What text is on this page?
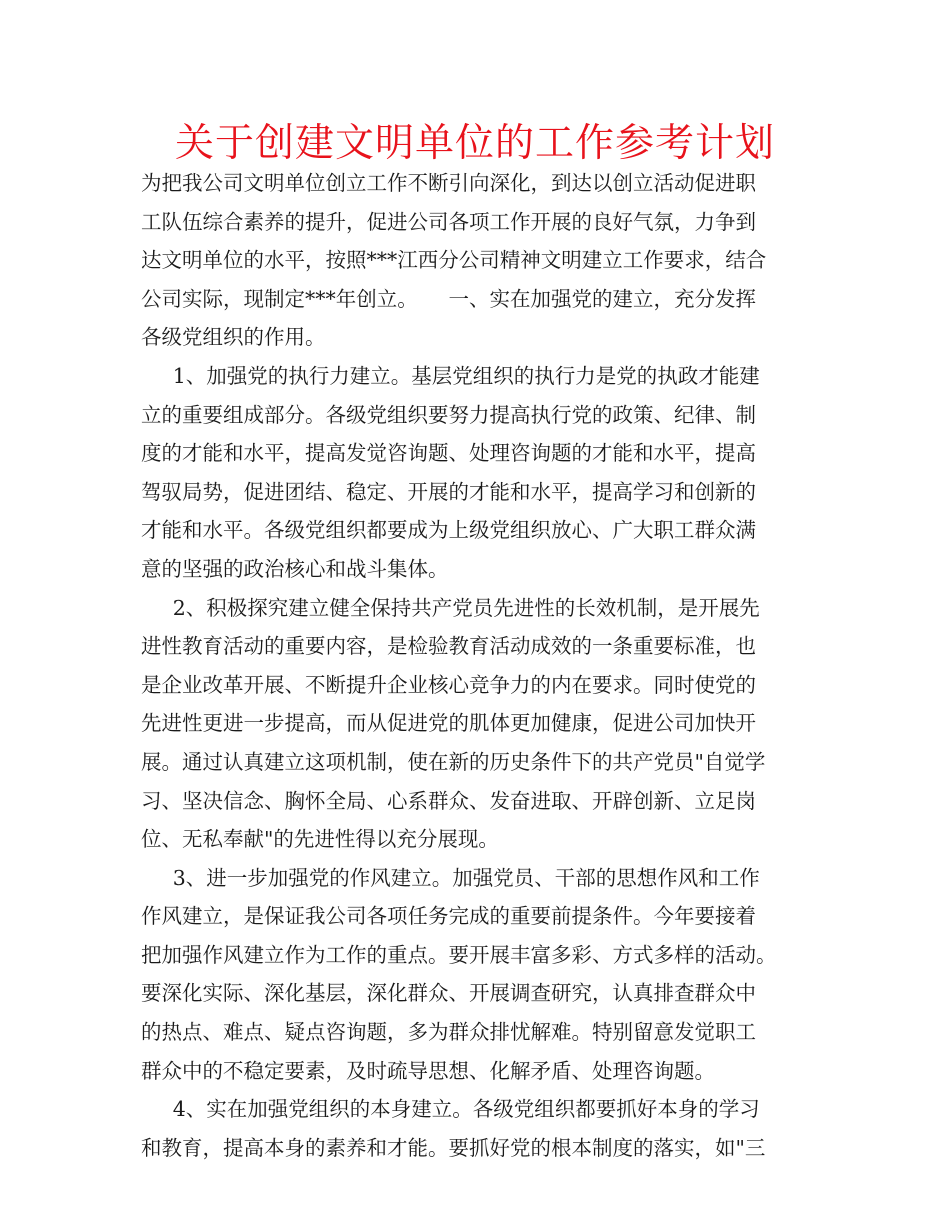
关于创建文明单位的工作参考计划
为把我公司文明单位创立工作不断引向深化，到达以创立活动促进职
工队伍综合素养的提升，促进公司各项工作开展的良好气氛，力争到
达文明单位的水平，按照***江西分公司精神文明建立工作要求，结合
公司实际，现制定***年创立。　　一、实在加强党的建立，充分发挥
各级党组织的作用。
1、加强党的执行力建立。基层党组织的执行力是党的执政才能建
立的重要组成部分。各级党组织要努力提高执行党的政策、纪律、制
度的才能和水平，提高发觉咨询题、处理咨询题的才能和水平，提高
驾驭局势，促进团结、稳定、开展的才能和水平，提高学习和创新的
才能和水平。各级党组织都要成为上级党组织放心、广大职工群众满
意的坚强的政治核心和战斗集体。
2、积极探究建立健全保持共产党员先进性的长效机制，是开展先
进性教育活动的重要内容，是检验教育活动成效的一条重要标准，也
是企业改革开展、不断提升企业核心竞争力的内在要求。同时使党的
先进性更进一步提高，而从促进党的肌体更加健康，促进公司加快开
展。通过认真建立这项机制，使在新的历史条件下的共产党员"自觉学
习、坚决信念、胸怀全局、心系群众、发奋进取、开辟创新、立足岗
位、无私奉献"的先进性得以充分展现。
3、进一步加强党的作风建立。加强党员、干部的思想作风和工作
作风建立，是保证我公司各项任务完成的重要前提条件。今年要接着
把加强作风建立作为工作的重点。要开展丰富多彩、方式多样的活动。
要深化实际、深化基层，深化群众、开展调查研究，认真排查群众中
的热点、难点、疑点咨询题，多为群众排忧解难。特别留意发觉职工
群众中的不稳定要素，及时疏导思想、化解矛盾、处理咨询题。
4、实在加强党组织的本身建立。各级党组织都要抓好本身的学习
和教育，提高本身的素养和才能。要抓好党的根本制度的落实，如"三
